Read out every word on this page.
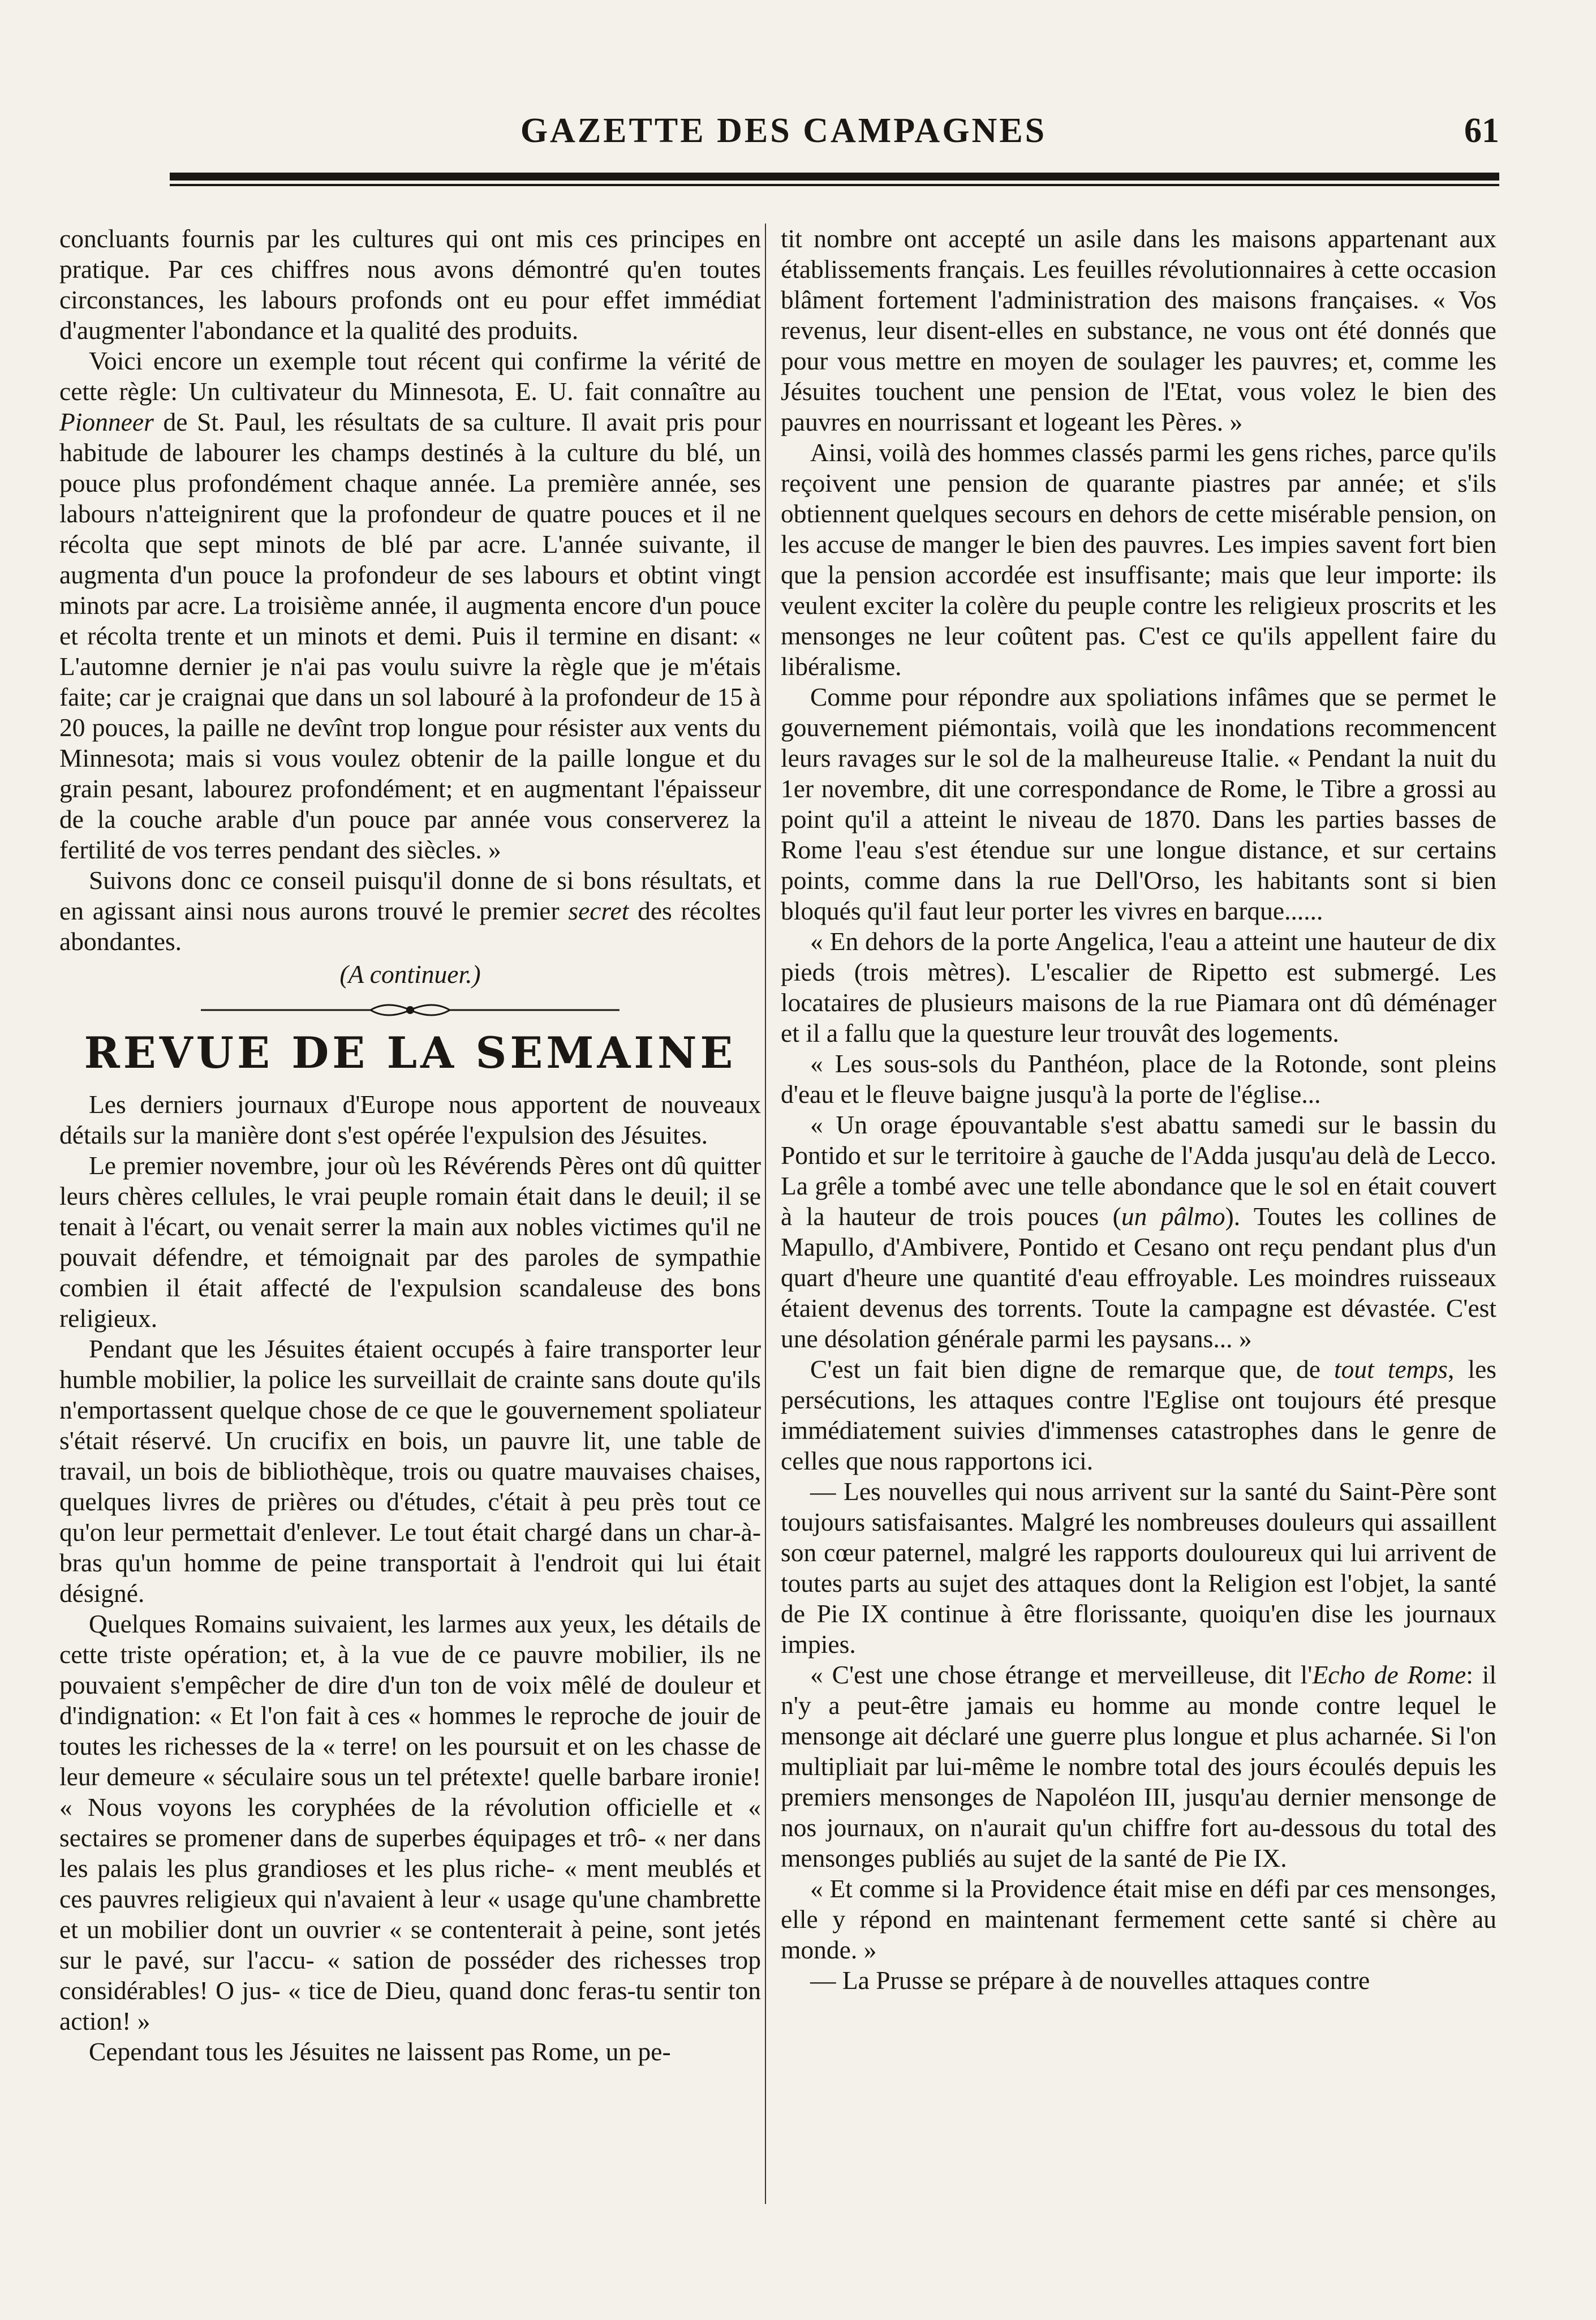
GAZETTE DES CAMPAGNES	61

concluants fournis par les cultures qui ont mis ces principes en pratique. Par ces chiffres nous avons démontré qu'en toutes circonstances, les labours profonds ont eu pour effet immédiat d'augmenter l'abondance et la qualité des produits.

Voici encore un exemple tout récent qui confirme la vérité de cette règle: Un cultivateur du Minnesota, E. U. fait connaître au Pionneer de St. Paul, les résultats de sa culture. Il avait pris pour habitude de labourer les champs destinés à la culture du blé, un pouce plus profondément chaque année. La première année, ses labours n'atteignirent que la profondeur de quatre pouces et il ne récolta que sept minots de blé par acre. L'année suivante, il augmenta d'un pouce la profondeur de ses labours et obtint vingt minots par acre. La troisième année, il augmenta encore d'un pouce et récolta trente et un minots et demi. Puis il termine en disant: « L'automne dernier je n'ai pas voulu suivre la règle que je m'étais faite; car je craignai que dans un sol labouré à la profondeur de 15 à 20 pouces, la paille ne devînt trop longue pour résister aux vents du Minnesota; mais si vous voulez obtenir de la paille longue et du grain pesant, labourez profondément; et en augmentant l'épaisseur de la couche arable d'un pouce par année vous conserverez la fertilité de vos terres pendant des siècles. »

Suivons donc ce conseil puisqu'il donne de si bons résultats, et en agissant ainsi nous aurons trouvé le premier secret des récoltes abondantes.

(A continuer.)
REVUE DE LA SEMAINE

Les derniers journaux d'Europe nous apportent de nouveaux détails sur la manière dont s'est opérée l'expulsion des Jésuites.

Le premier novembre, jour où les Révérends Pères ont dû quitter leurs chères cellules, le vrai peuple romain était dans le deuil; il se tenait à l'écart, ou venait serrer la main aux nobles victimes qu'il ne pouvait défendre, et témoignait par des paroles de sympathie combien il était affecté de l'expulsion scandaleuse des bons religieux.

Pendant que les Jésuites étaient occupés à faire transporter leur humble mobilier, la police les surveillait de crainte sans doute qu'ils n'emportassent quelque chose de ce que le gouvernement spoliateur s'était réservé. Un crucifix en bois, un pauvre lit, une table de travail, un bois de bibliothèque, trois ou quatre mauvaises chaises, quelques livres de prières ou d'études, c'était à peu près tout ce qu'on leur permettait d'enlever. Le tout était chargé dans un char-à-bras qu'un homme de peine transportait à l'endroit qui lui était désigné.

Quelques Romains suivaient, les larmes aux yeux, les détails de cette triste opération; et, à la vue de ce pauvre mobilier, ils ne pouvaient s'empêcher de dire d'un ton de voix mêlé de douleur et d'indignation: « Et l'on fait à ces « hommes le reproche de jouir de toutes les richesses de la « terre! on les poursuit et on les chasse de leur demeure « séculaire sous un tel prétexte! quelle barbare ironie! « Nous voyons les coryphées de la révolution officielle et « sectaires se promener dans de superbes équipages et trô- « ner dans les palais les plus grandioses et les plus riche- « ment meublés et ces pauvres religieux qui n'avaient à leur « usage qu'une chambrette et un mobilier dont un ouvrier « se contenterait à peine, sont jetés sur le pavé, sur l'accu- « sation de posséder des richesses trop considérables! O jus- « tice de Dieu, quand donc feras-tu sentir ton action! »

Cependant tous les Jésuites ne laissent pas Rome, un pe-

tit nombre ont accepté un asile dans les maisons appartenant aux établissements français. Les feuilles révolutionnaires à cette occasion blâment fortement l'administration des maisons françaises. « Vos revenus, leur disent-elles en substance, ne vous ont été donnés que pour vous mettre en moyen de soulager les pauvres; et, comme les Jésuites touchent une pension de l'Etat, vous volez le bien des pauvres en nourrissant et logeant les Pères. »

Ainsi, voilà des hommes classés parmi les gens riches, parce qu'ils reçoivent une pension de quarante piastres par année; et s'ils obtiennent quelques secours en dehors de cette misérable pension, on les accuse de manger le bien des pauvres. Les impies savent fort bien que la pension accordée est insuffisante; mais que leur importe: ils veulent exciter la colère du peuple contre les religieux proscrits et les mensonges ne leur coûtent pas. C'est ce qu'ils appellent faire du libéralisme.

Comme pour répondre aux spoliations infâmes que se permet le gouvernement piémontais, voilà que les inondations recommencent leurs ravages sur le sol de la malheureuse Italie. « Pendant la nuit du 1er novembre, dit une correspondance de Rome, le Tibre a grossi au point qu'il a atteint le niveau de 1870. Dans les parties basses de Rome l'eau s'est étendue sur une longue distance, et sur certains points, comme dans la rue Dell'Orso, les habitants sont si bien bloqués qu'il faut leur porter les vivres en barque......

« En dehors de la porte Angelica, l'eau a atteint une hauteur de dix pieds (trois mètres). L'escalier de Ripetto est submergé. Les locataires de plusieurs maisons de la rue Piamara ont dû déménager et il a fallu que la questure leur trouvât des logements.

« Les sous-sols du Panthéon, place de la Rotonde, sont pleins d'eau et le fleuve baigne jusqu'à la porte de l'église...

« Un orage épouvantable s'est abattu samedi sur le bassin du Pontido et sur le territoire à gauche de l'Adda jusqu'au delà de Lecco. La grêle a tombé avec une telle abondance que le sol en était couvert à la hauteur de trois pouces (un pâlmo). Toutes les collines de Mapullo, d'Ambivere, Pontido et Cesano ont reçu pendant plus d'un quart d'heure une quantité d'eau effroyable. Les moindres ruisseaux étaient devenus des torrents. Toute la campagne est dévastée. C'est une désolation générale parmi les paysans... »

C'est un fait bien digne de remarque que, de tout temps, les persécutions, les attaques contre l'Eglise ont toujours été presque immédiatement suivies d'immenses catastrophes dans le genre de celles que nous rapportons ici.

— Les nouvelles qui nous arrivent sur la santé du Saint-Père sont toujours satisfaisantes. Malgré les nombreuses douleurs qui assaillent son cœur paternel, malgré les rapports douloureux qui lui arrivent de toutes parts au sujet des attaques dont la Religion est l'objet, la santé de Pie IX continue à être florissante, quoiqu'en dise les journaux impies.

« C'est une chose étrange et merveilleuse, dit l'Echo de Rome: il n'y a peut-être jamais eu homme au monde contre lequel le mensonge ait déclaré une guerre plus longue et plus acharnée. Si l'on multipliait par lui-même le nombre total des jours écoulés depuis les premiers mensonges de Napoléon III, jusqu'au dernier mensonge de nos journaux, on n'aurait qu'un chiffre fort au-dessous du total des mensonges publiés au sujet de la santé de Pie IX.

« Et comme si la Providence était mise en défi par ces mensonges, elle y répond en maintenant fermement cette santé si chère au monde. »

— La Prusse se prépare à de nouvelles attaques contre
